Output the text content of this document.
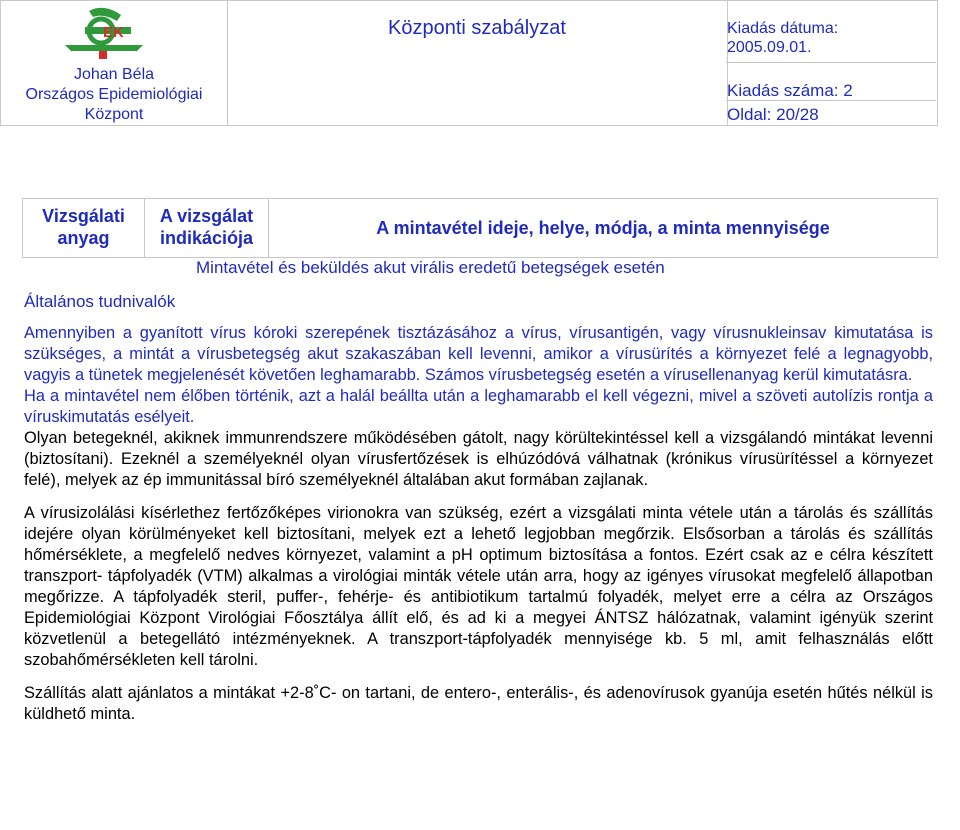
EK
Johan Béla
Országos Epidemiológiai
Központ
Központi szabályzat	Kiadás dátuma:
2005.09.01.
Kiadás száma: 2
Oldal: 20/28
Vizsgálati
anyag
A vizsgálat
indikációja	A mintavétel ideje, helye, módja, a minta mennyisége
Mintavétel és beküldés akut virális eredetű betegségek esetén
Általános tudnivalók

Amennyiben a gyanított vírus kóroki szerepének tisztázásához a vírus, vírusantigén, vagy vírusnukleinsav kimutatása is szükséges, a mintát a vírusbetegség akut szakaszában kell levenni, amikor a vírusürítés a környezet felé a legnagyobb, vagyis a tünetek megjelenését követően leghamarabb. Számos vírusbetegség esetén a vírusellenanyag kerül kimutatásra.

Ha a mintavétel nem élőben történik, azt a halál beállta után a leghamarabb el kell végezni, mivel a szöveti autolízis rontja a víruskimutatás esélyeit.

Olyan betegeknél, akiknek immunrendszere működésében gátolt, nagy körültekintéssel kell a vizsgálandó mintákat levenni (biztosítani). Ezeknél a személyeknél olyan vírusfertőzések is elhúzódóvá válhatnak (krónikus vírusürítéssel a környezet felé), melyek az ép immunitással bíró személyeknél általában akut formában zajlanak.

A vírusizolálási kísérlethez fertőzőképes virionokra van szükség, ezért a vizsgálati minta vétele után a tárolás és szállítás idejére olyan körülményeket kell biztosítani, melyek ezt a lehető legjobban megőrzik. Elsősorban a tárolás és szállítás hőmérséklete, a megfelelő nedves környezet, valamint a pH optimum biztosítása a fontos. Ezért csak az e célra készített transzport- tápfolyadék (VTM) alkalmas a virológiai minták vétele után arra, hogy az igényes vírusokat megfelelő állapotban megőrizze. A tápfolyadék steril, puffer-, fehérje- és antibiotikum tartalmú folyadék, melyet erre a célra az Országos Epidemiológiai Központ Virológiai Főosztálya állít elő, és ad ki a megyei ÁNTSZ hálózatnak, valamint igényük szerint közvetlenül a betegellátó intézményeknek. A transzport-tápfolyadék mennyisége kb. 5 ml, amit felhasználás előtt szobahőmérsékleten kell tárolni.

Szállítás alatt ajánlatos a mintákat +2-8˚C- on tartani, de entero-, enterális-, és adenovírusok gyanúja esetén hűtés nélkül is küldhető minta.
